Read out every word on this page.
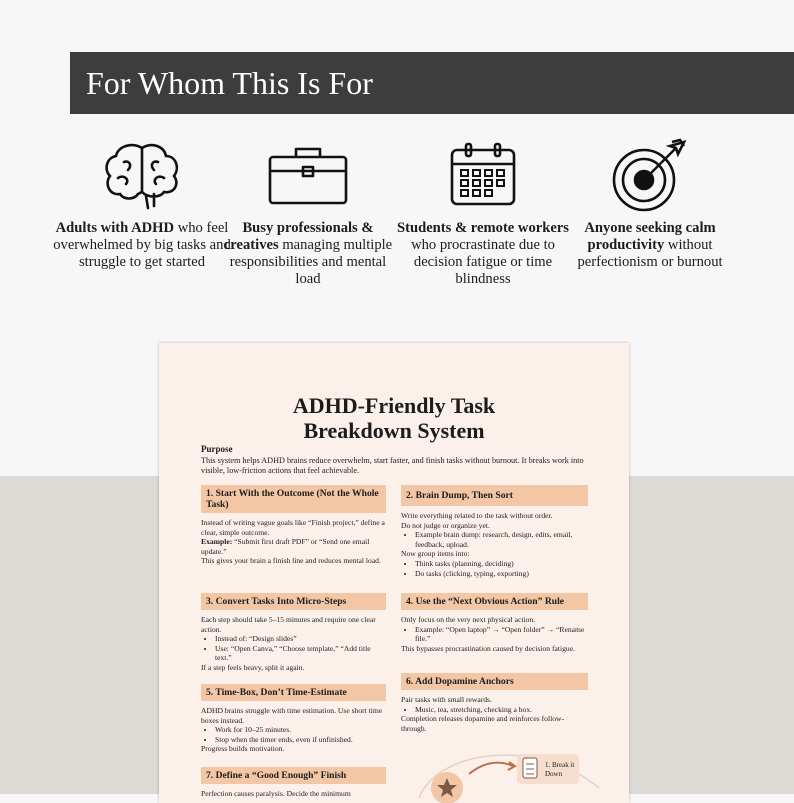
For Whom This Is For
Adults with ADHD who feel overwhelmed by big tasks and struggle to get started
Busy professionals & creatives managing multiple responsibilities and mental load
Students & remote workers who procrastinate due to decision fatigue or time blindness
Anyone seeking calm productivity without perfectionism or burnout
ADHD-Friendly Task
Breakdown System
Purpose
This system helps ADHD brains reduce overwhelm, start faster, and finish tasks without burnout. It breaks work into visible, low-friction actions that feel achievable.
1. Start With the Outcome (Not the Whole Task)

Instead of writing vague goals like “Finish project,” define a clear, simple outcome.

Example: “Submit first draft PDF” or “Send one email update.”

This gives your brain a finish line and reduces mental load.

2. Brain Dump, Then Sort

Write everything related to the task without order.

Do not judge or organize yet.

• Example brain dump: research, design, edits, email, feedback, upload.

Now group items into:

• Think tasks (planning, deciding)
• Do tasks (clicking, typing, exporting)
3. Convert Tasks Into Micro-Steps

Each step should take 5–15 minutes and require one clear action.

• Instead of: “Design slides”
• Use: “Open Canva,” “Choose template,” “Add title text.”

If a step feels heavy, split it again.

4. Use the “Next Obvious Action” Rule

Only focus on the very next physical action.

• Example: “Open laptop” → “Open folder” → “Rename file.”

This bypasses procrastination caused by decision fatigue.

5. Time-Box, Don’t Time-Estimate

ADHD brains struggle with time estimation. Use short time boxes instead.

• Work for 10–25 minutes.
• Stop when the timer ends, even if unfinished.

Progress builds motivation.

6. Add Dopamine Anchors

Pair tasks with small rewards.

• Music, tea, stretching, checking a box.

Completion releases dopamine and reinforces follow-through.

7. Define a “Good Enough” Finish

Perfection causes paralysis. Decide the minimum

1. Break it Down
